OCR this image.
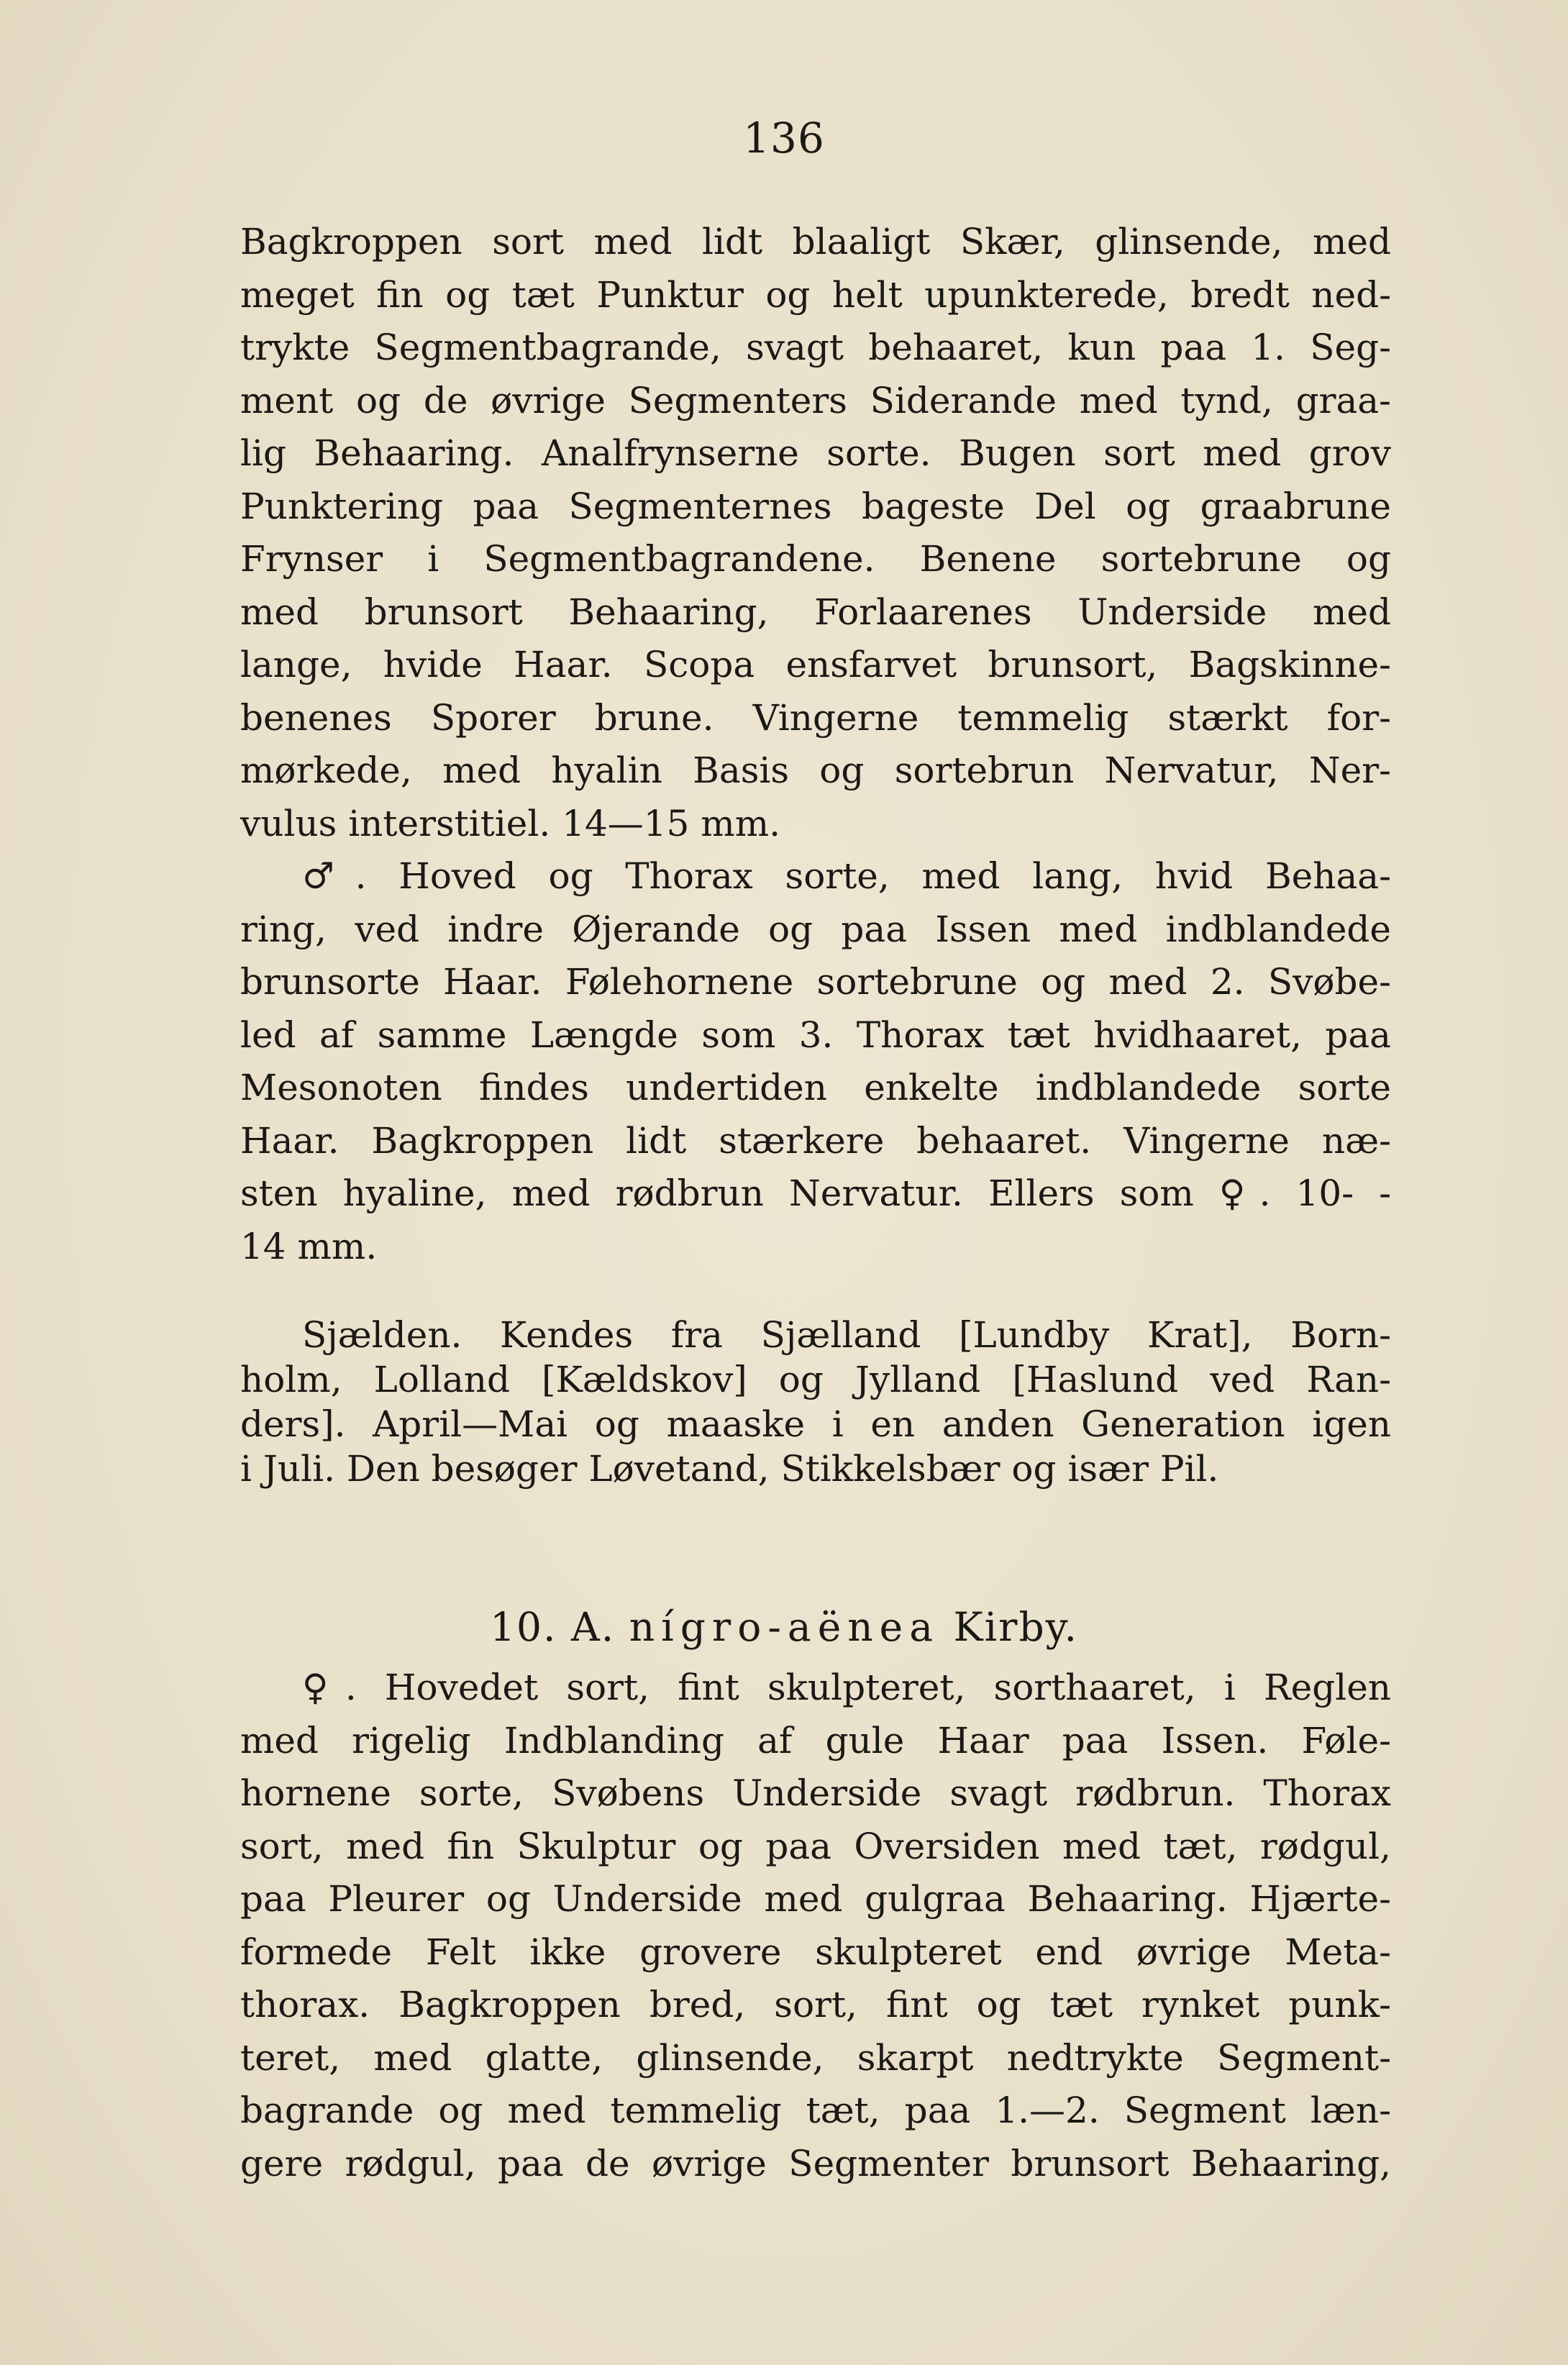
136
Bagkroppen sort med lidt blaaligt Skær, glinsende, med
meget fin og tæt Punktur og helt upunkterede, bredt ned-
trykte Segmentbagrande, svagt behaaret, kun paa 1. Seg-
ment og de øvrige Segmenters Siderande med tynd, graa-
lig Behaaring. Analfrynserne sorte. Bugen sort med grov
Punktering paa Segmenternes bageste Del og graabrune
Frynser i Segmentbagrandene. Benene sortebrune og
med brunsort Behaaring, Forlaarenes Underside med
lange, hvide Haar. Scopa ensfarvet brunsort, Bagskinne-
benenes Sporer brune. Vingerne temmelig stærkt for-
mørkede, med hyalin Basis og sortebrun Nervatur, Ner-
vulus interstitiel. 14—15 mm.
♂. Hoved og Thorax sorte, med lang, hvid Behaa-
ring, ved indre Øjerande og paa Issen med indblandede
brunsorte Haar. Følehornene sortebrune og med 2. Svøbe-
led af samme Længde som 3. Thorax tæt hvidhaaret, paa
Mesonoten findes undertiden enkelte indblandede sorte
Haar. Bagkroppen lidt stærkere behaaret. Vingerne næ-
sten hyaline, med rødbrun Nervatur. Ellers som ♀. 10- -
14 mm.
Sjælden. Kendes fra Sjælland [Lundby Krat], Born-
holm, Lolland [Kældskov] og Jylland [Haslund ved Ran-
ders]. April—Mai og maaske i en anden Generation igen
i Juli. Den besøger Løvetand, Stikkelsbær og især Pil.
10. A. nígro-aënea Kirby.
♀. Hovedet sort, fint skulpteret, sorthaaret, i Reglen
med rigelig Indblanding af gule Haar paa Issen. Føle-
hornene sorte, Svøbens Underside svagt rødbrun. Thorax
sort, med fin Skulptur og paa Oversiden med tæt, rødgul,
paa Pleurer og Underside med gulgraa Behaaring. Hjærte-
formede Felt ikke grovere skulpteret end øvrige Meta-
thorax. Bagkroppen bred, sort, fint og tæt rynket punk-
teret, med glatte, glinsende, skarpt nedtrykte Segment-
bagrande og med temmelig tæt, paa 1.—2. Segment læn-
gere rødgul, paa de øvrige Segmenter brunsort Behaaring,
